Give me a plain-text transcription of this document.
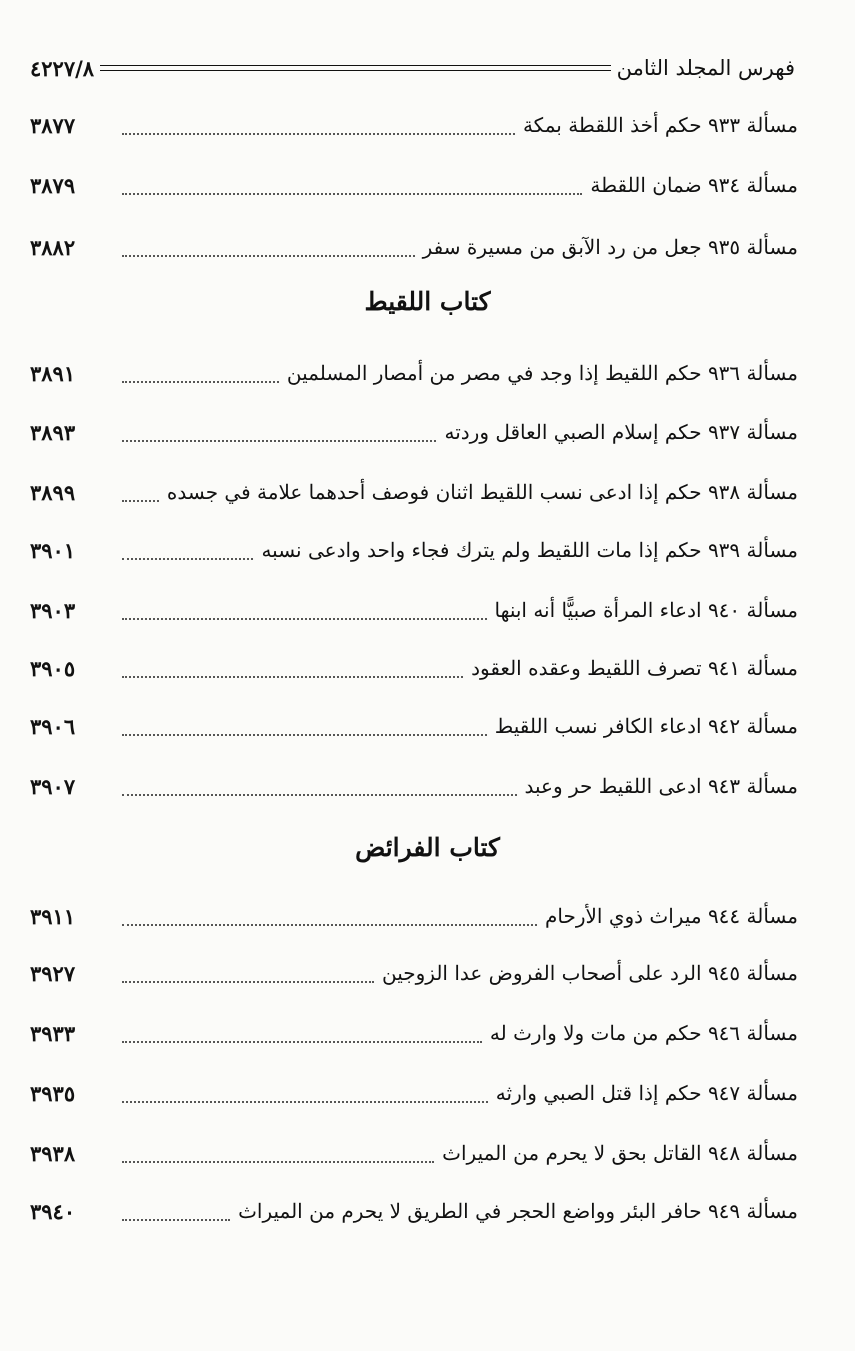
فهرس المجلد الثامن
٤٢٢٧/٨
مسألة ٩٣٣ حكم أخذ اللقطة بمكة
٣٨٧٧
مسألة ٩٣٤ ضمان اللقطة
٣٨٧٩
مسألة ٩٣٥ جعل من رد الآبق من مسيرة سفر
٣٨٨٢
كتاب اللقيط
مسألة ٩٣٦ حكم اللقيط إذا وجد في مصر من أمصار المسلمين
٣٨٩١
مسألة ٩٣٧ حكم إسلام الصبي العاقل وردته
٣٨٩٣
مسألة ٩٣٨ حكم إذا ادعى نسب اللقيط اثنان فوصف أحدهما علامة في جسده
٣٨٩٩
مسألة ٩٣٩ حكم إذا مات اللقيط ولم يترك فجاء واحد وادعى نسبه
٣٩٠١
مسألة ٩٤٠ ادعاء المرأة صبيًّا أنه ابنها
٣٩٠٣
مسألة ٩٤١ تصرف اللقيط وعقده العقود
٣٩٠٥
مسألة ٩٤٢ ادعاء الكافر نسب اللقيط
٣٩٠٦
مسألة ٩٤٣ ادعى اللقيط حر وعبد
٣٩٠٧
كتاب الفرائض
مسألة ٩٤٤ ميراث ذوي الأرحام
٣٩١١
مسألة ٩٤٥ الرد على أصحاب الفروض عدا الزوجين
٣٩٢٧
مسألة ٩٤٦ حكم من مات ولا وارث له
٣٩٣٣
مسألة ٩٤٧ حكم إذا قتل الصبي وارثه
٣٩٣٥
مسألة ٩٤٨ القاتل بحق لا يحرم من الميراث
٣٩٣٨
مسألة ٩٤٩ حافر البئر وواضع الحجر في الطريق لا يحرم من الميراث
٣٩٤٠
